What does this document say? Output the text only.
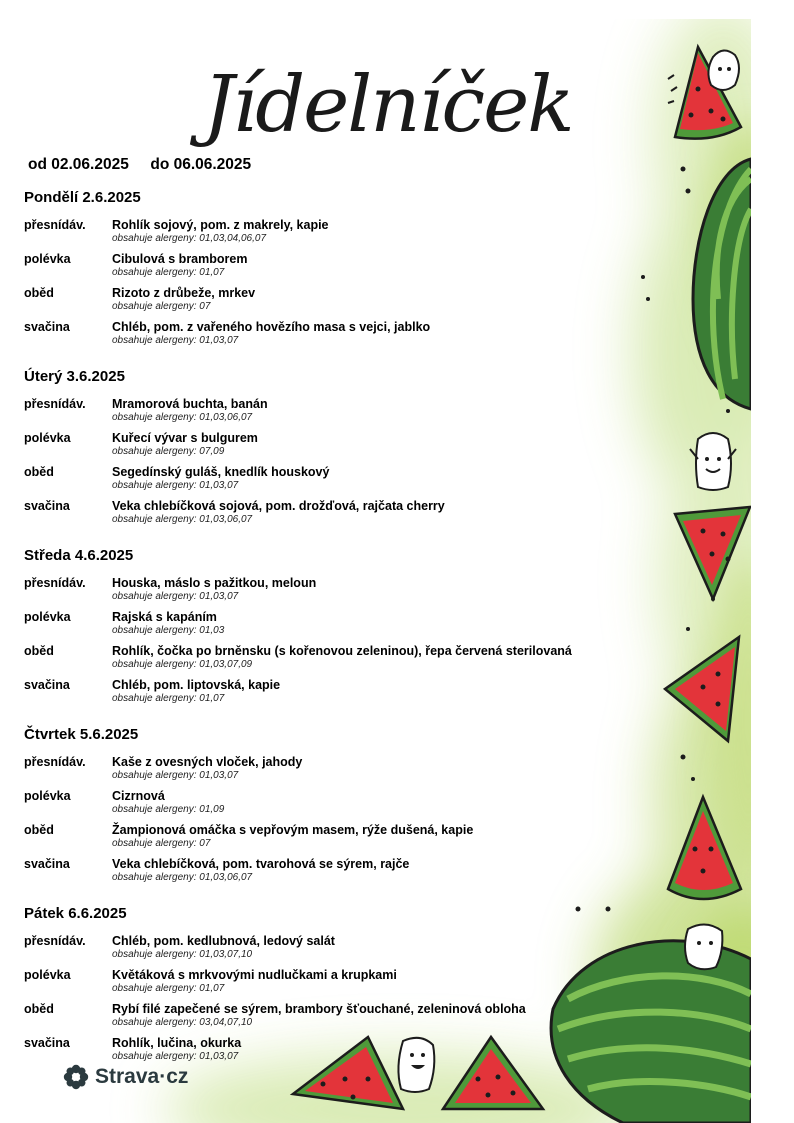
Jídelníček
od 02.06.2025     do 06.06.2025
Pondělí 2.6.2025
přesnídáv.	Rohlík sojový, pom. z makrely, kapie
obsahuje alergeny: 01,03,04,06,07
polévka	Cibulová s bramborem
obsahuje alergeny: 01,07
oběd	Rizoto z drůbeže, mrkev
obsahuje alergeny: 07
svačina	Chléb, pom. z vařeného hovězího masa s vejci, jablko
obsahuje alergeny: 01,03,07
Úterý 3.6.2025
přesnídáv.	Mramorová buchta, banán
obsahuje alergeny: 01,03,06,07
polévka	Kuřecí vývar s bulgurem
obsahuje alergeny: 07,09
oběd	Segedínský guláš, knedlík houskový
obsahuje alergeny: 01,03,07
svačina	Veka chlebíčková sojová, pom. drožďová, rajčata cherry
obsahuje alergeny: 01,03,06,07
Středa 4.6.2025
přesnídáv.	Houska, máslo s pažitkou, meloun
obsahuje alergeny: 01,03,07
polévka	Rajská s kapáním
obsahuje alergeny: 01,03
oběd	Rohlík, čočka po brněnsku (s kořenovou zeleninou), řepa červená sterilovaná
obsahuje alergeny: 01,03,07,09
svačina	Chléb, pom. liptovská, kapie
obsahuje alergeny: 01,07
Čtvrtek 5.6.2025
přesnídáv.	Kaše z ovesných vloček, jahody
obsahuje alergeny: 01,03,07
polévka	Cizrnová
obsahuje alergeny: 01,09
oběd	Žampionová omáčka s vepřovým masem, rýže dušená, kapie
obsahuje alergeny: 07
svačina	Veka chlebíčková, pom. tvarohová se sýrem, rajče
obsahuje alergeny: 01,03,06,07
Pátek 6.6.2025
přesnídáv.	Chléb, pom. kedlubnová, ledový salát
obsahuje alergeny: 01,03,07,10
polévka	Květáková s mrkvovými nudlučkami a krupkami
obsahuje alergeny: 01,07
oběd	Rybí filé zapečené se sýrem, brambory šťouchané, zeleninová obloha
obsahuje alergeny: 03,04,07,10
svačina	Rohlík, lučina, okurka
obsahuje alergeny: 01,03,07
Strava·cz
